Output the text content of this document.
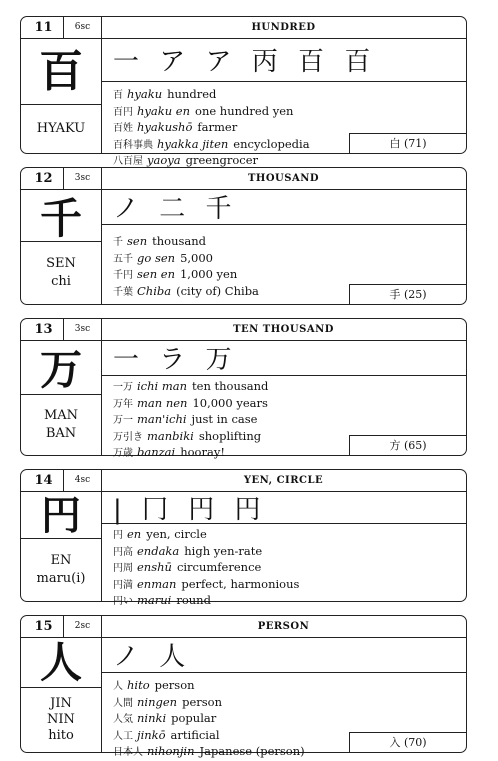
11	6sc
百
HYAKU
HUNDRED
一 ア ア 丙 百 百
百 hyaku hundred
百円 hyaku en one hundred yen
百姓 hyakushō farmer
百科事典 hyakka jiten encyclopedia
八百屋 yaoya greengrocer
白 (71)
12	3sc
千
SEN
chi
THOUSAND
ノ 二 千
千 sen thousand
五千 go sen 5,000
千円 sen en 1,000 yen
千葉 Chiba (city of) Chiba	手 (25)
13	3sc
万
MAN
BAN
TEN THOUSAND
一 ラ 万
一万 ichi man ten thousand
万年 man nen 10,000 years
万一 man'ichi just in case
万引き manbiki shoplifting
万歳 banzai hooray!	方 (65)
14	4sc
円
EN
maru(i)
YEN, CIRCLE
| 冂 円 円
円 en yen, circle
円高 endaka high yen-rate
円周 enshū circumference
円満 enman perfect, harmonious
円い marui round
15	2sc
人
JIN
NIN
hito
PERSON
ノ 人
人 hito person
人間 ningen person
人気 ninki popular
人工 jinkō artificial
日本人 nihonjin Japanese (person)
入 (70)
